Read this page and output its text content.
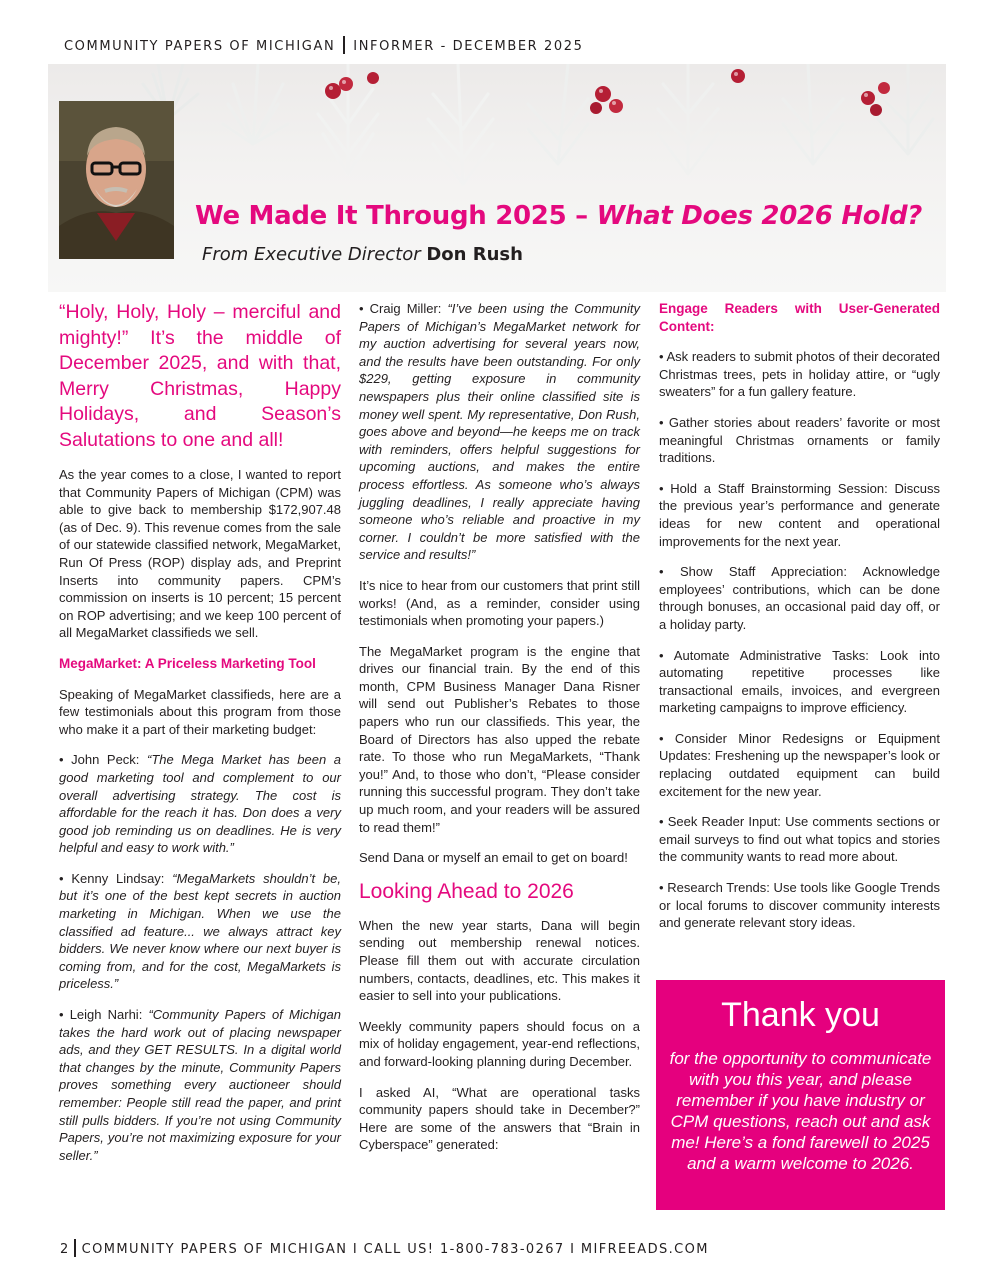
COMMUNITY PAPERS OF MICHIGAN INFORMER - DECEMBER 2025
We Made It Through 2025 – What Does 2026 Hold?
From Executive Director Don Rush

“Holy, Holy, Holy – merciful and mighty!” It’s the middle of December 2025, and with that, Merry Christmas, Happy Holidays, and Season’s Salutations to one and all!

As the year comes to a close, I wanted to report that Community Papers of Michigan (CPM) was able to give back to membership $172,907.48 (as of Dec. 9). This revenue comes from the sale of our statewide classified network, MegaMarket, Run Of Press (ROP) display ads, and Preprint Inserts into community papers. CPM’s commission on inserts is 10 percent; 15 percent on ROP advertising; and we keep 100 percent of all MegaMarket classifieds we sell.

MegaMarket: A Priceless Marketing Tool

Speaking of MegaMarket classifieds, here are a few testimonials about this program from those who make it a part of their marketing budget:

• John Peck: “The Mega Market has been a good marketing tool and complement to our overall advertising strategy. The cost is affordable for the reach it has. Don does a very good job reminding us on deadlines. He is very helpful and easy to work with.”

• Kenny Lindsay: “MegaMarkets shouldn’t be, but it’s one of the best kept secrets in auction marketing in Michigan. When we use the classified ad feature... we always attract key bidders. We never know where our next buyer is coming from, and for the cost, MegaMarkets is priceless.”

• Leigh Narhi: “Community Papers of Michigan takes the hard work out of placing newspaper ads, and they GET RESULTS. In a digital world that changes by the minute, Community Papers proves something every auctioneer should remember: People still read the paper, and print still pulls bidders. If you’re not using Community Papers, you’re not maximizing exposure for your seller.”

• Craig Miller: “I’ve been using the Community Papers of Michigan’s MegaMarket network for my auction advertising for several years now, and the results have been outstanding. For only $229, getting exposure in community newspapers plus their online classified site is money well spent. My representative, Don Rush, goes above and beyond—he keeps me on track with reminders, offers helpful suggestions for upcoming auctions, and makes the entire process effortless. As someone who’s always juggling deadlines, I really appreciate having someone who’s reliable and proactive in my corner. I couldn’t be more satisfied with the service and results!”

It’s nice to hear from our customers that print still works! (And, as a reminder, consider using testimonials when promoting your papers.)

The MegaMarket program is the engine that drives our financial train. By the end of this month, CPM Business Manager Dana Risner will send out Publisher’s Rebates to those papers who run our classifieds. This year, the Board of Directors has also upped the rebate rate. To those who run MegaMarkets, “Thank you!” And, to those who don’t, “Please consider running this successful program. They don’t take up much room, and your readers will be assured to read them!”

Send Dana or myself an email to get on board!

Looking Ahead to 2026

When the new year starts, Dana will begin sending out membership renewal notices. Please fill them out with accurate circulation numbers, contacts, deadlines, etc. This makes it easier to sell into your publications.

Weekly community papers should focus on a mix of holiday engagement, year-end reflections, and forward-looking planning during December.

I asked AI, “What are operational tasks community papers should take in December?” Here are some of the answers that “Brain in Cyberspace” generated:

Engage Readers with User-Generated Content:

• Ask readers to submit photos of their decorated Christmas trees, pets in holiday attire, or “ugly sweaters” for a fun gallery feature.

• Gather stories about readers’ favorite or most meaningful Christmas ornaments or family traditions.

• Hold a Staff Brainstorming Session: Discuss the previous year’s performance and generate ideas for new content and operational improvements for the next year.

• Show Staff Appreciation: Acknowledge employees’ contributions, which can be done through bonuses, an occasional paid day off, or a holiday party.

• Automate Administrative Tasks: Look into automating repetitive processes like transactional emails, invoices, and evergreen marketing campaigns to improve efficiency.

• Consider Minor Redesigns or Equipment Updates: Freshening up the newspaper’s look or replacing outdated equipment can build excitement for the new year.

• Seek Reader Input: Use comments sections or email surveys to find out what topics and stories the community wants to read more about.

• Research Trends: Use tools like Google Trends or local forums to discover community interests and generate relevant story ideas.

Thank you
for the opportunity to communicate with you this year, and please remember if you have industry or CPM questions, reach out and ask me! Here’s a fond farewell to 2025 and a warm welcome to 2026.
2 COMMUNITY PAPERS OF MICHIGAN I CALL US! 1-800-783-0267 I MIFREEADS.COM
